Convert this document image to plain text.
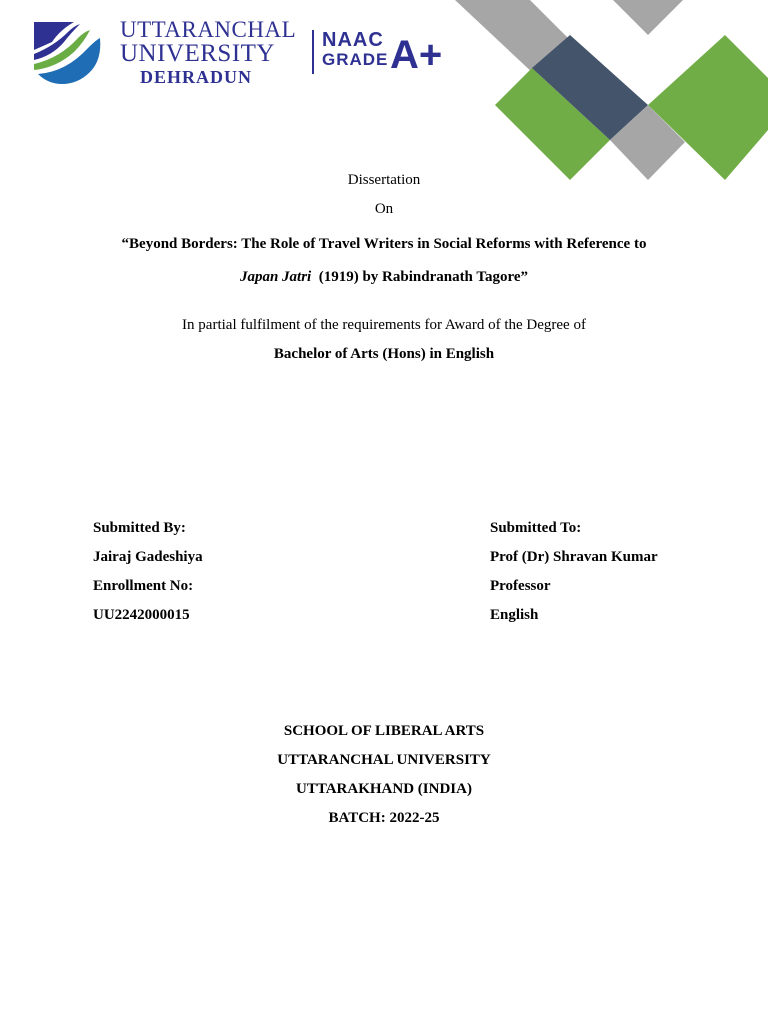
UTTARANCHAL
UNIVERSITY
DEHRADUN
NAAC
GRADE A+
Dissertation
On
“Beyond Borders: The Role of Travel Writers in Social Reforms with Reference to
Japan Jatri (1919) by Rabindranath Tagore”
In partial fulfilment of the requirements for Award of the Degree of
Bachelor of Arts (Hons) in English
Submitted By:
Jairaj Gadeshiya
Enrollment No:
UU2242000015
Submitted To:
Prof (Dr) Shravan Kumar
Professor
English
SCHOOL OF LIBERAL ARTS
UTTARANCHAL UNIVERSITY
UTTARAKHAND (INDIA)
BATCH: 2022-25
